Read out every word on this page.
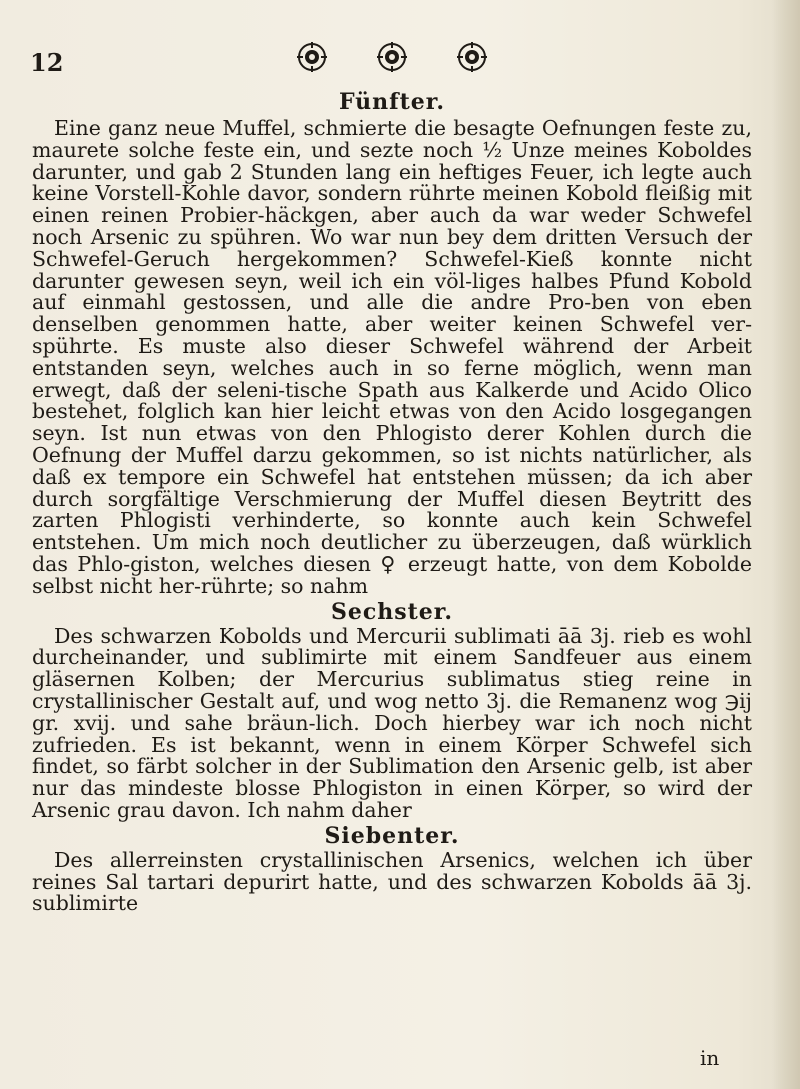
12
Fünfter.

Eine ganz neue Muffel, schmierte die besagte Oefnungen feste zu, maurete solche feste ein, und sezte noch ½ Unze meines Koboldes darunter, und gab 2 Stunden lang ein heftiges Feuer, ich legte auch keine Vorstell-Kohle davor, sondern rührte meinen Kobold fleißig mit einen reinen Probier-häckgen, aber auch da war weder Schwefel noch Arsenic zu spühren. Wo war nun bey dem dritten Versuch der Schwefel-Geruch hergekommen? Schwefel-Kieß konnte nicht darunter gewesen seyn, weil ich ein völ-liges halbes Pfund Kobold auf einmahl gestossen, und alle die andre Pro-ben von eben denselben genommen hatte, aber weiter keinen Schwefel ver-spührte. Es muste also dieser Schwefel während der Arbeit entstanden seyn, welches auch in so ferne möglich, wenn man erwegt, daß der seleni-tische Spath aus Kalkerde und Acido Olico bestehet, folglich kan hier leicht etwas von den Acido losgegangen seyn. Ist nun etwas von den Phlogisto derer Kohlen durch die Oefnung der Muffel darzu gekommen, so ist nichts natürlicher, als daß ex tempore ein Schwefel hat entstehen müssen; da ich aber durch sorgfältige Verschmierung der Muffel diesen Beytritt des zarten Phlogisti verhinderte, so konnte auch kein Schwefel entstehen. Um mich noch deutlicher zu überzeugen, daß würklich das Phlo-giston, welches diesen ♀ erzeugt hatte, von dem Kobolde selbst nicht her-rührte; so nahm

Sechster.

Des schwarzen Kobolds und Mercurii sublimati āā 3j. rieb es wohl durcheinander, und sublimirte mit einem Sandfeuer aus einem gläsernen Kolben; der Mercurius sublimatus stieg reine in crystallinischer Gestalt auf, und wog netto 3j. die Remanenz wog ℈ij gr. xvij. und sahe bräun-lich. Doch hierbey war ich noch nicht zufrieden. Es ist bekannt, wenn in einem Körper Schwefel sich findet, so färbt solcher in der Sublimation den Arsenic gelb, ist aber nur das mindeste blosse Phlogiston in einen Körper, so wird der Arsenic grau davon. Ich nahm daher

Siebenter.

Des allerreinsten crystallinischen Arsenics, welchen ich über reines Sal tartari depurirt hatte, und des schwarzen Kobolds āā 3j. sublimirte

in
